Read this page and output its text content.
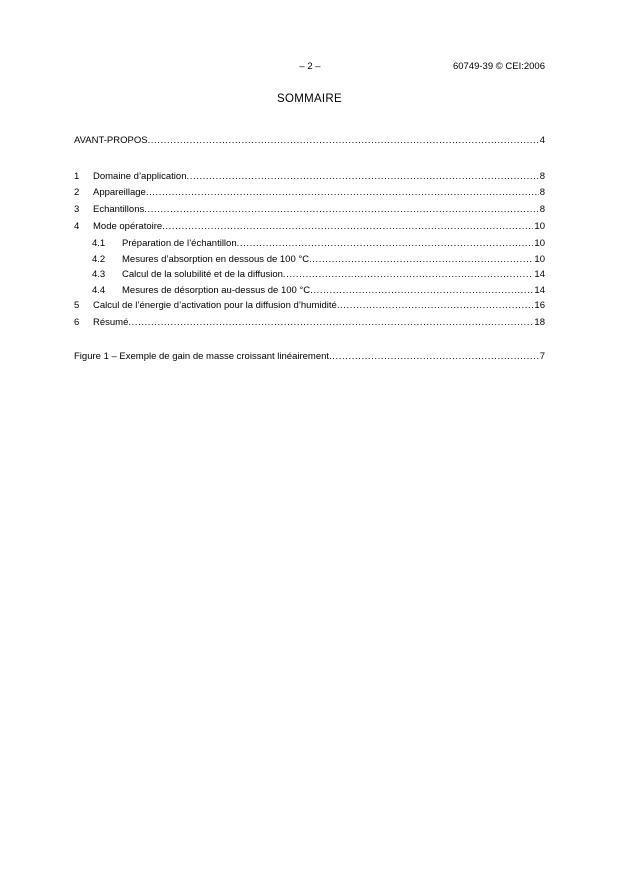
– 2 –	60749-39 © CEI:2006
SOMMAIRE
AVANT-PROPOS .....	4
1	Domaine d’application .....	8
2	Appareillage .....	8
3	Echantillons .....	8
4	Mode opératoire .....	10
4.1	Préparation de l’échantillon .....	10
4.2	Mesures d’absorption en dessous de 100 °C .....	10
4.3	Calcul de la solubilité et de la diffusion .....	14
4.4	Mesures de désorption au-dessus de 100 °C .....	14
5	Calcul de l’énergie d’activation pour la diffusion d’humidité .....	16
6	Résumé .....	18
Figure 1 – Exemple de gain de masse croissant linéairement .....	7
